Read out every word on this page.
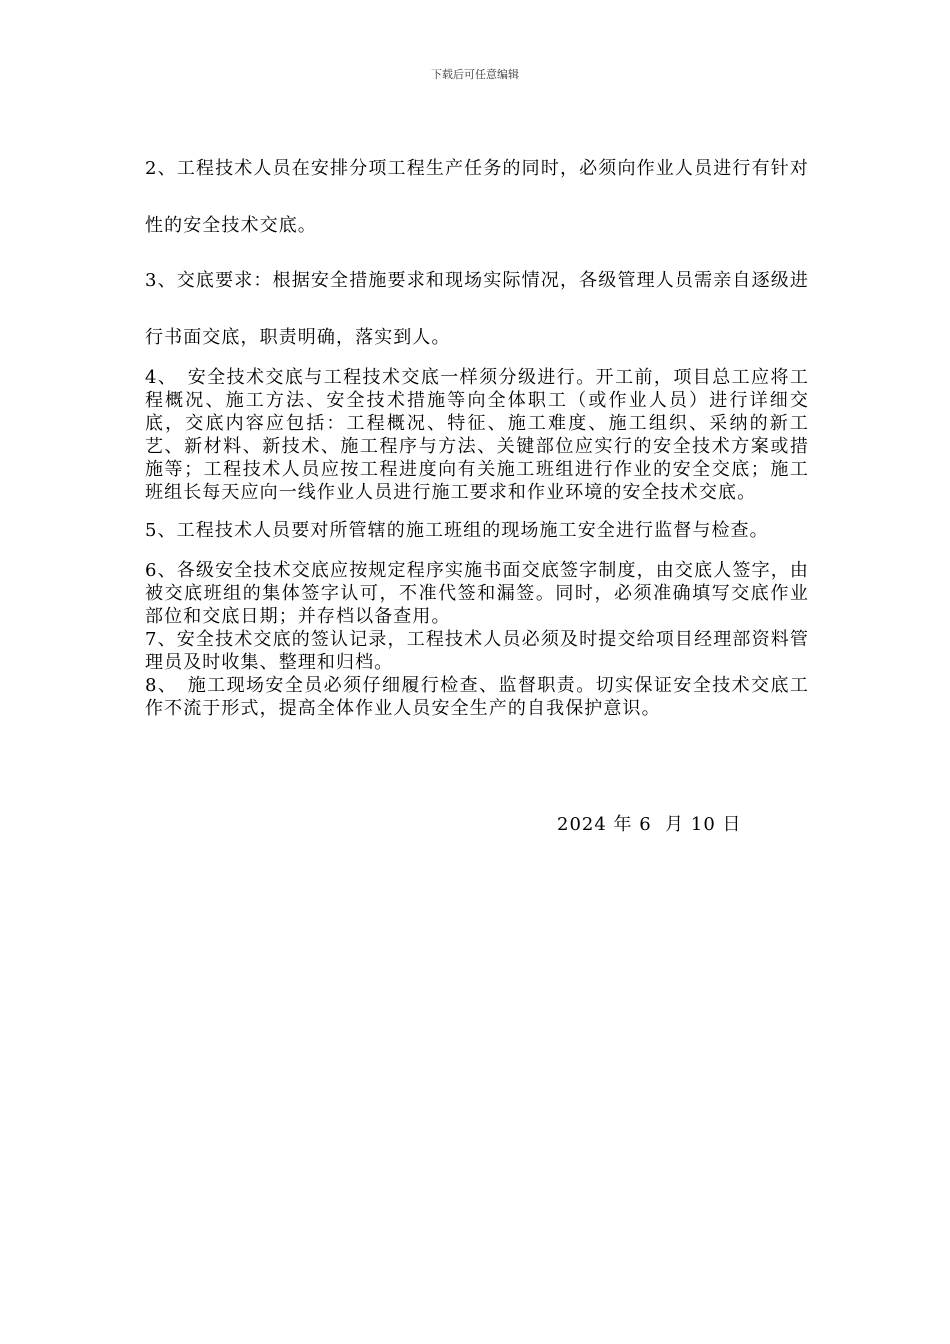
下载后可任意编辑

2、工程技术人员在安排分项工程生产任务的同时，必须向作业人员进行有针对性的安全技术交底。

3、交底要求：根据安全措施要求和现场实际情况，各级管理人员需亲自逐级进行书面交底，职责明确，落实到人。

4、　安全技术交底与工程技术交底一样须分级进行。开工前，项目总工应将工程概况、施工方法、安全技术措施等向全体职工（或作业人员）进行详细交底，交底内容应包括：工程概况、特征、施工难度、施工组织、采纳的新工艺、新材料、新技术、施工程序与方法、关键部位应实行的安全技术方案或措施等；工程技术人员应按工程进度向有关施工班组进行作业的安全交底；施工班组长每天应向一线作业人员进行施工要求和作业环境的安全技术交底。

5、工程技术人员要对所管辖的施工班组的现场施工安全进行监督与检查。

6、各级安全技术交底应按规定程序实施书面交底签字制度，由交底人签字，由被交底班组的集体签字认可，不准代签和漏签。同时，必须准确填写交底作业部位和交底日期；并存档以备查用。

7、安全技术交底的签认记录，工程技术人员必须及时提交给项目经理部资料管理员及时收集、整理和归档。

8、　施工现场安全员必须仔细履行检查、监督职责。切实保证安全技术交底工作不流于形式，提高全体作业人员安全生产的自我保护意识。

2024 年 6  月 10 日
